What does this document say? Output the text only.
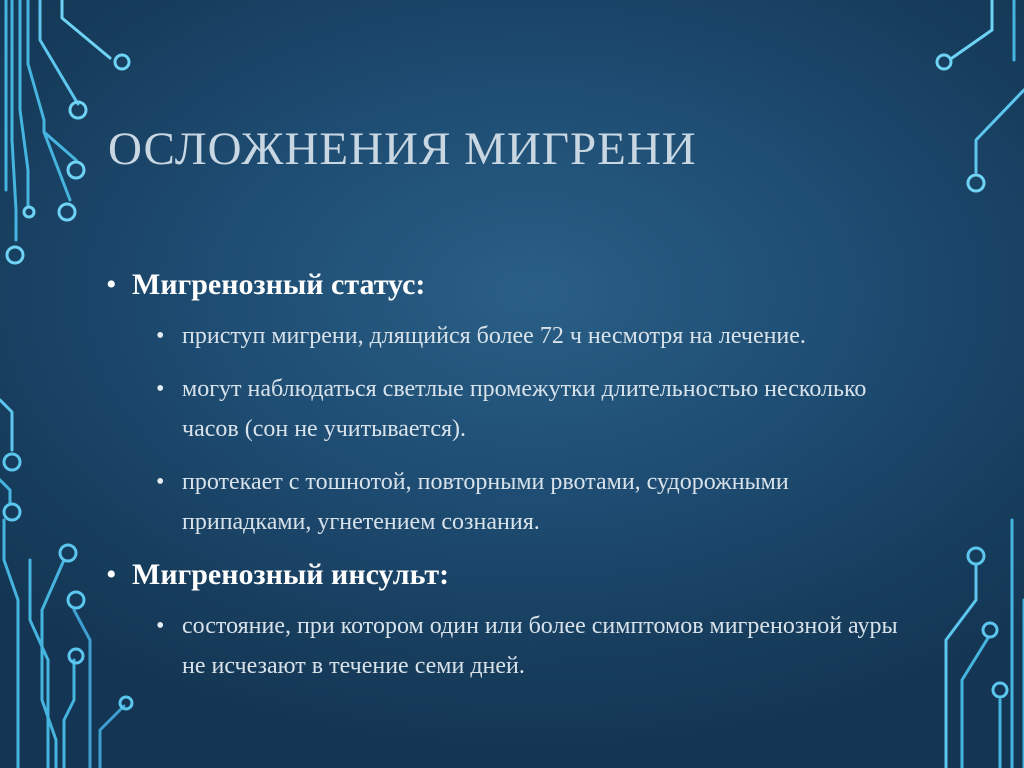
ОСЛОЖНЕНИЯ МИГРЕНИ
• Мигренозный статус:
• приступ мигрени, длящийся более 72 ч несмотря на лечение.
• могут наблюдаться светлые промежутки длительностью несколько часов (сон не учитывается).
• протекает с тошнотой, повторными рвотами, судорожными припадками, угнетением сознания.
• Мигренозный инсульт:
• состояние, при котором один или более симптомов мигренозной ауры не исчезают в течение семи дней.
